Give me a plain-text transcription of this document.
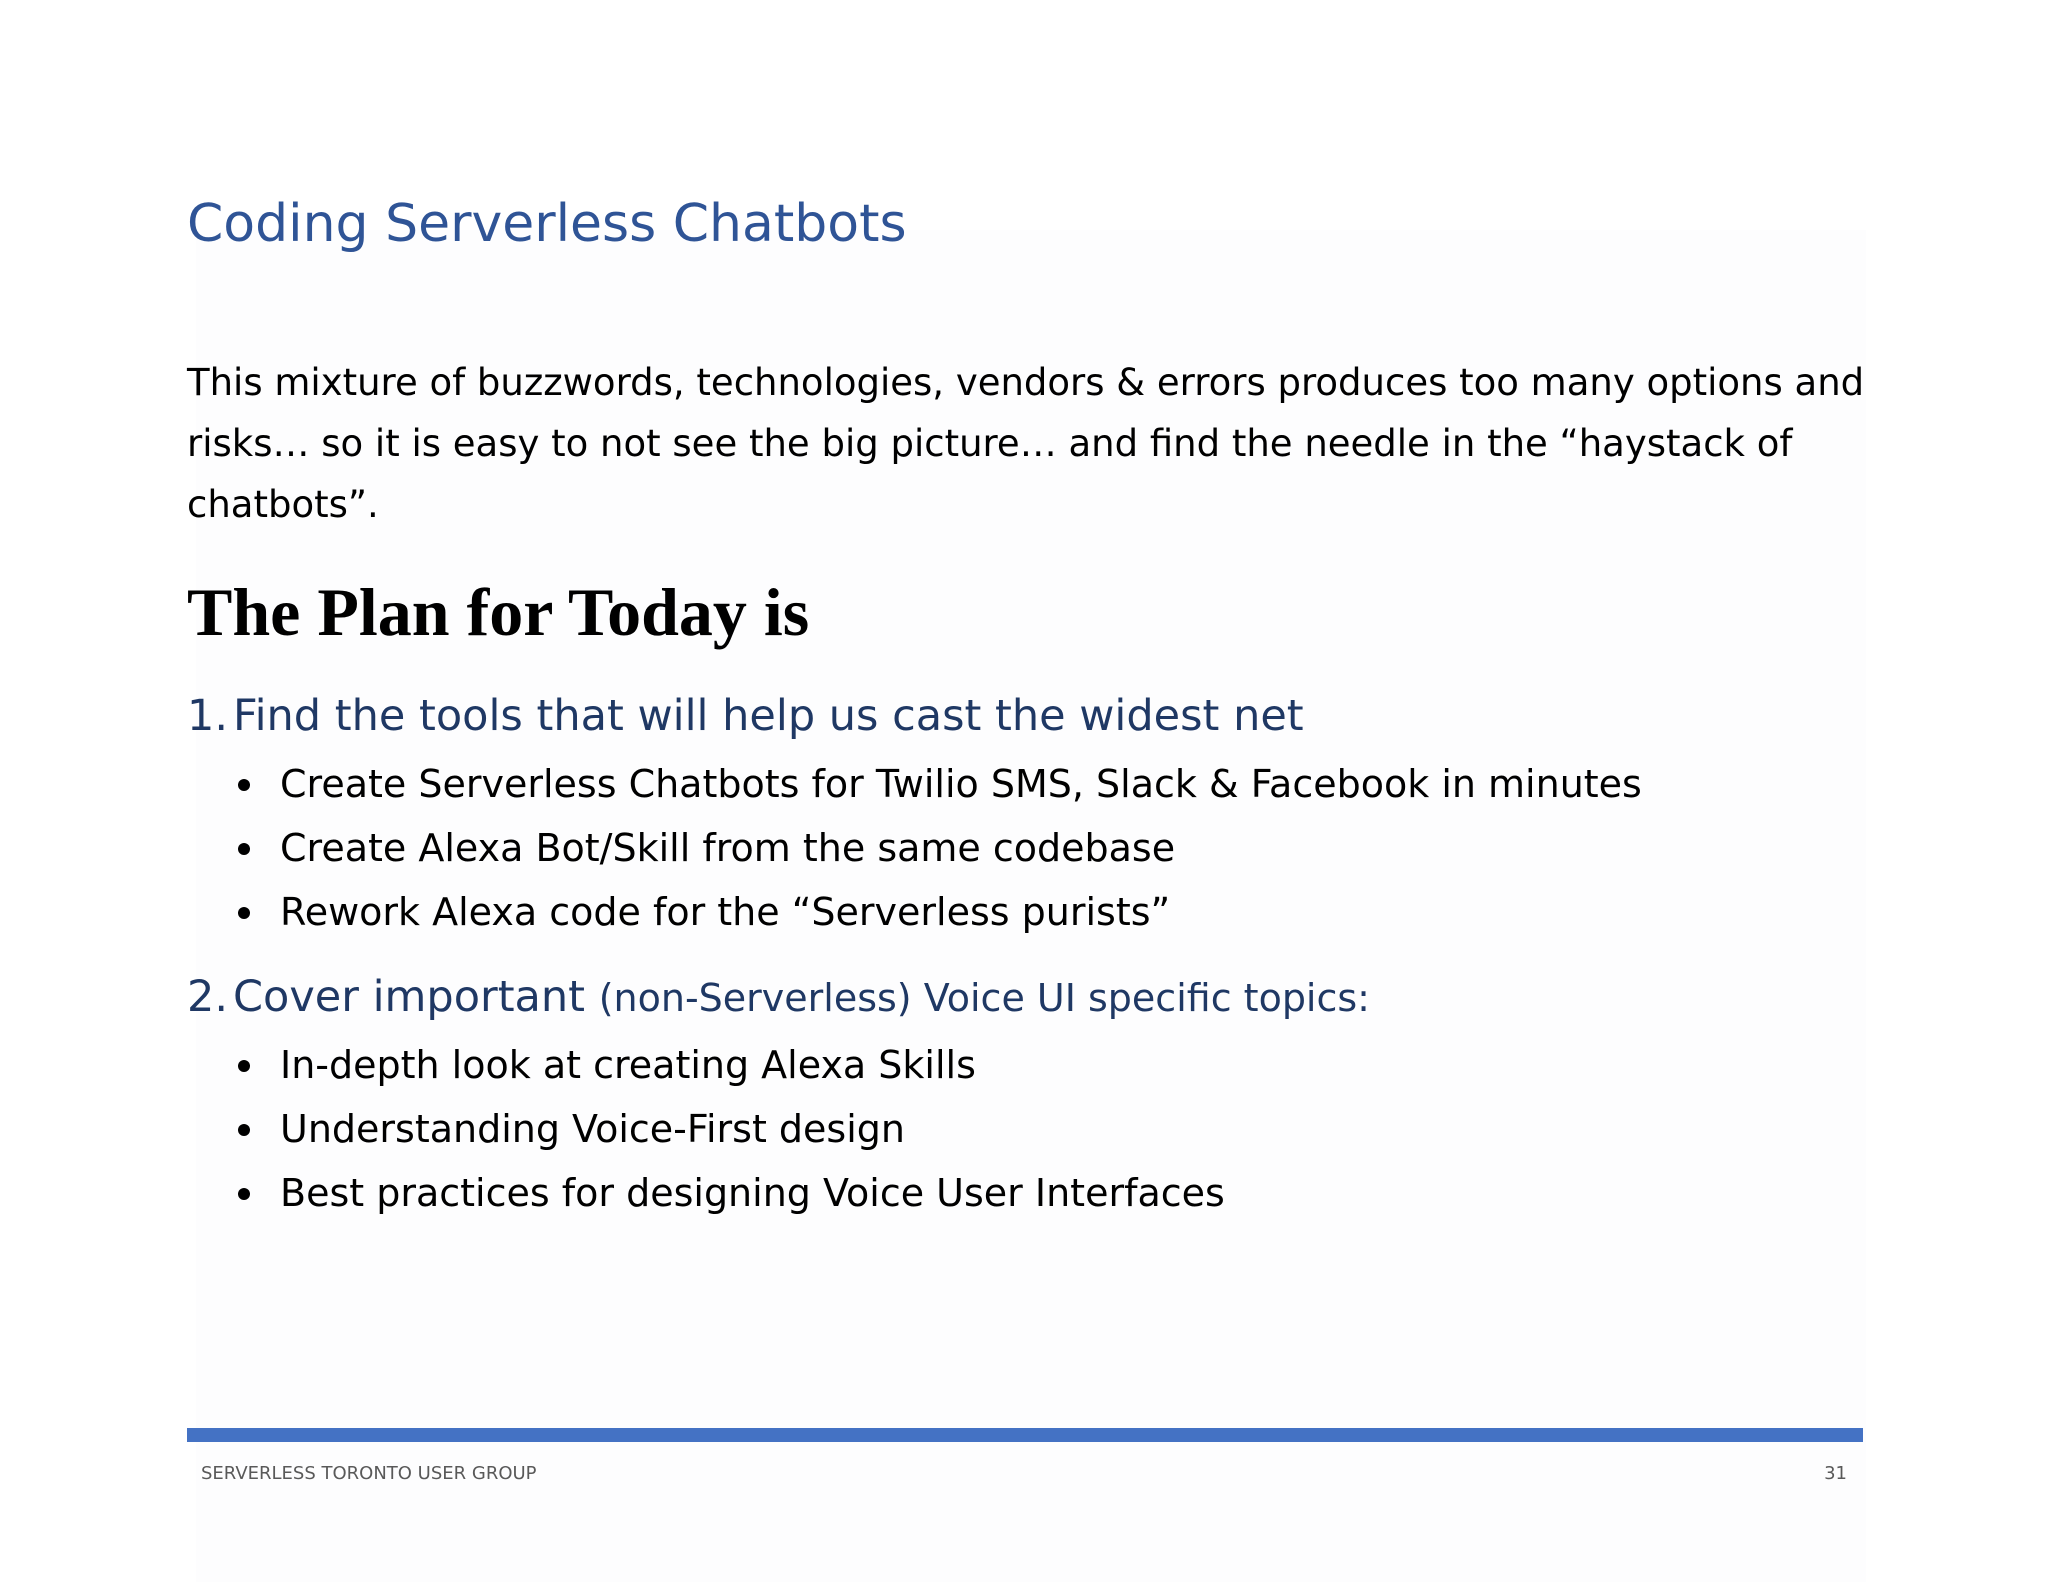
Coding Serverless Chatbots

This mixture of buzzwords, technologies, vendors & errors produces too many options and risks… so it is easy to not see the big picture… and find the needle in the “haystack of chatbots”.

The Plan for Today is
1. Find the tools that will help us cast the widest net
Create Serverless Chatbots for Twilio SMS, Slack & Facebook in minutes
Create Alexa Bot/Skill from the same codebase
Rework Alexa code for the “Serverless purists”
2. Cover important (non-Serverless) Voice UI specific topics:
In-depth look at creating Alexa Skills
Understanding Voice-First design
Best practices for designing Voice User Interfaces
SERVERLESS TORONTO USER GROUP	31
